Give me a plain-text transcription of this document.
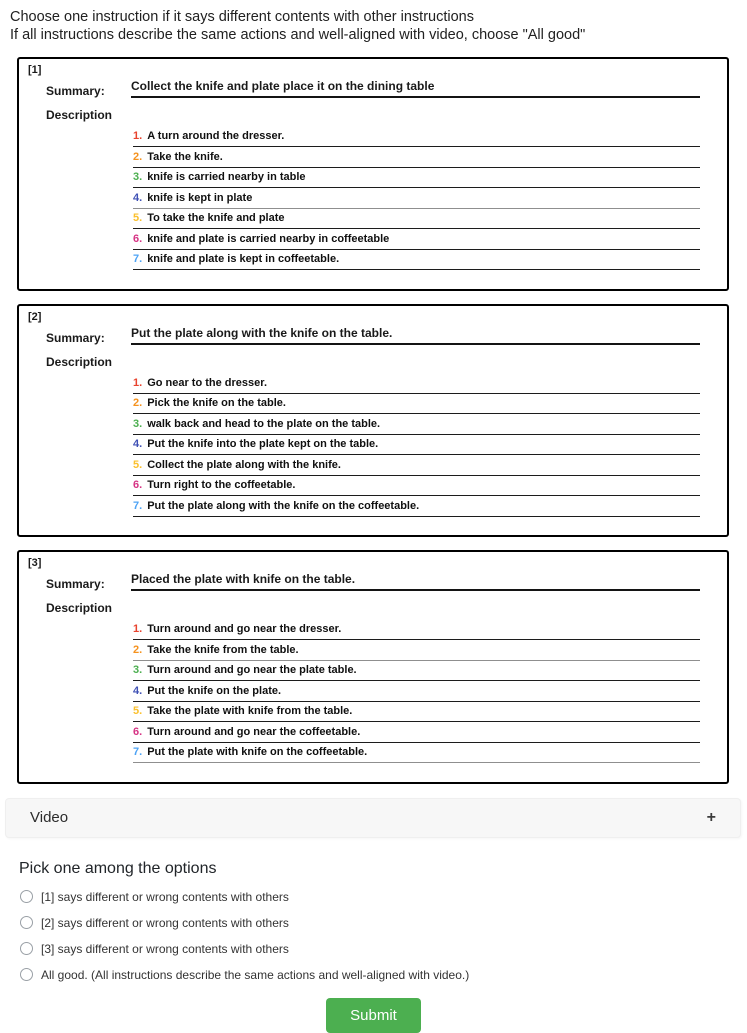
Choose one instruction if it says different contents with other instructions

If all instructions describe the same actions and well-aligned with video, choose "All good"

[1]
Summary:	Collect the knife and plate place it on the dining table
Description
1. A turn around the dresser.
2. Take the knife.
3. knife is carried nearby in table
4. knife is kept in plate
5. To take the knife and plate
6. knife and plate is carried nearby in coffeetable
7. knife and plate is kept in coffeetable.
[2]
Summary:	Put the plate along with the knife on the table.
Description
1. Go near to the dresser.
2. Pick the knife on the table.
3. walk back and head to the plate on the table.
4. Put the knife into the plate kept on the table.
5. Collect the plate along with the knife.
6. Turn right to the coffeetable.
7. Put the plate along with the knife on the coffeetable.
[3]
Summary:	Placed the plate with knife on the table.
Description
1. Turn around and go near the dresser.
2. Take the knife from the table.
3. Turn around and go near the plate table.
4. Put the knife on the plate.
5. Take the plate with knife from the table.
6. Turn around and go near the coffeetable.
7. Put the plate with knife on the coffeetable.
Video	+
Pick one among the options
[1] says different or wrong contents with others
[2] says different or wrong contents with others
[3] says different or wrong contents with others
All good. (All instructions describe the same actions and well-aligned with video.)
Submit
